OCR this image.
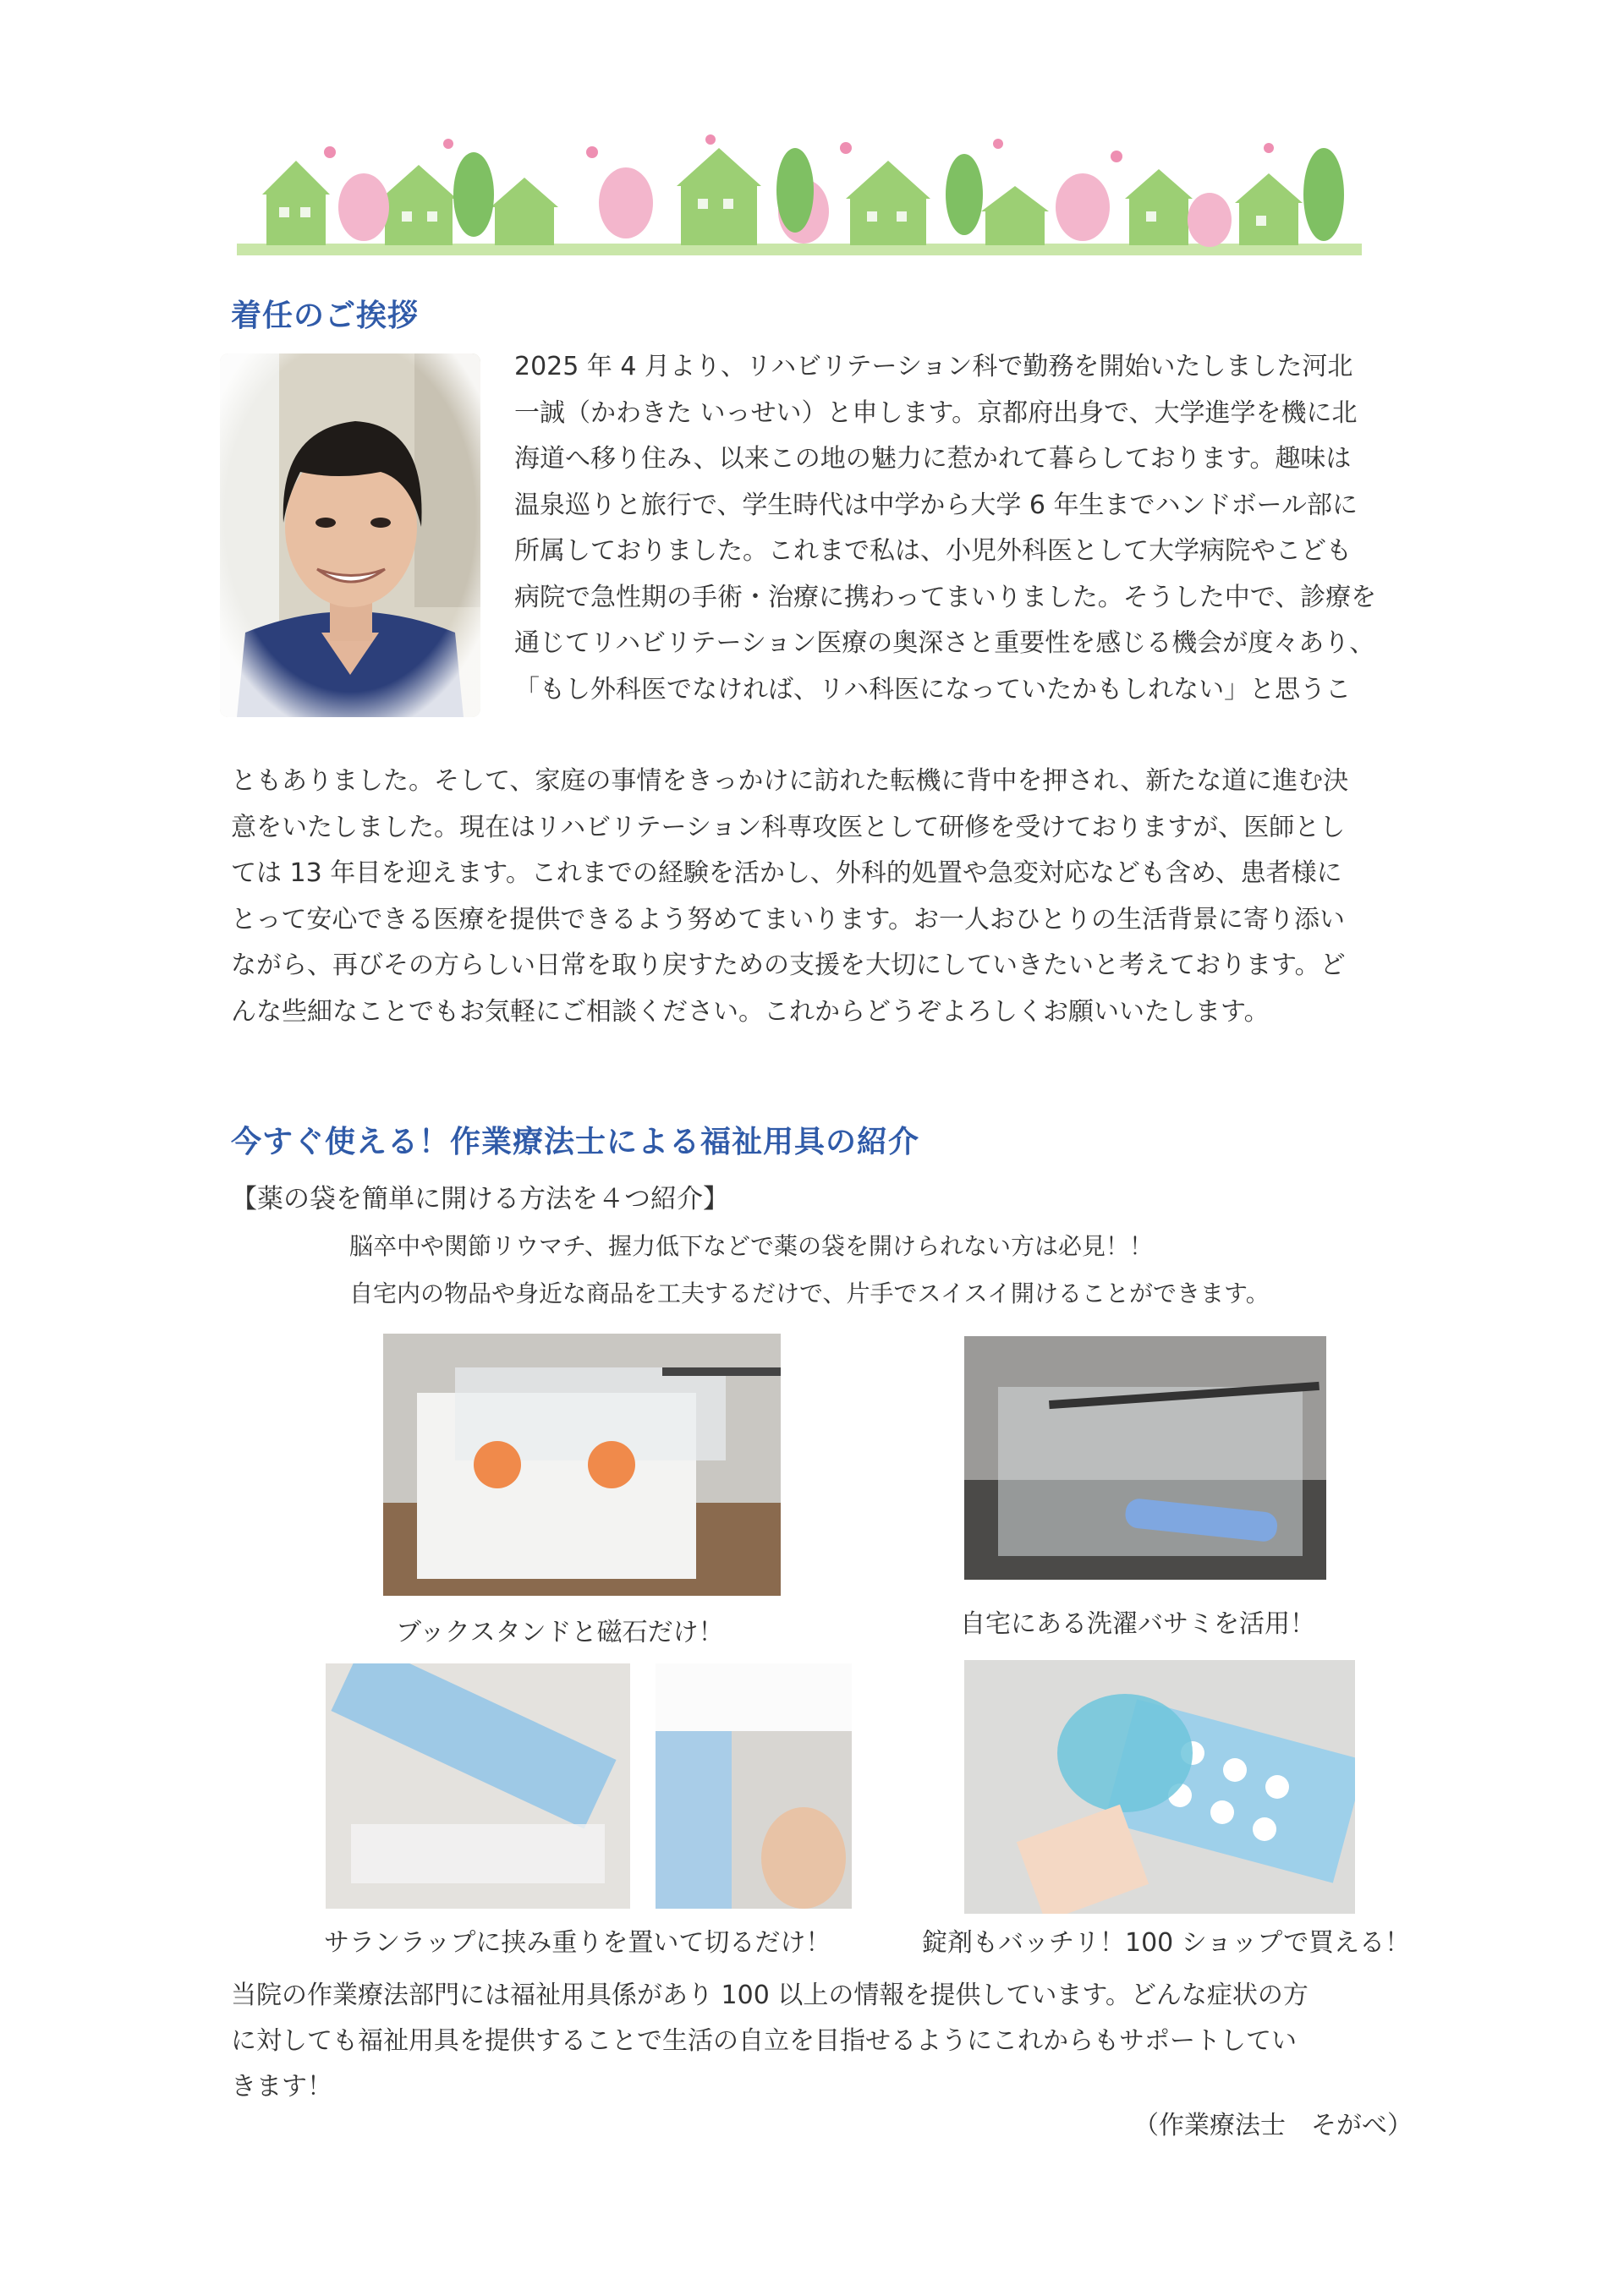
着任のご挨拶
2025 年 4 月より、リハビリテーション科で勤務を開始いたしました河北
一誠（かわきた いっせい）と申します。京都府出身で、大学進学を機に北
海道へ移り住み、以来この地の魅力に惹かれて暮らしております。趣味は
温泉巡りと旅行で、学生時代は中学から大学 6 年生までハンドボール部に
所属しておりました。これまで私は、小児外科医として大学病院やこども
病院で急性期の手術・治療に携わってまいりました。そうした中で、診療を
通じてリハビリテーション医療の奥深さと重要性を感じる機会が度々あり、
「もし外科医でなければ、リハ科医になっていたかもしれない」と思うこ
ともありました。そして、家庭の事情をきっかけに訪れた転機に背中を押され、新たな道に進む決
意をいたしました。現在はリハビリテーション科専攻医として研修を受けておりますが、医師とし
ては 13 年目を迎えます。これまでの経験を活かし、外科的処置や急変対応なども含め、患者様に
とって安心できる医療を提供できるよう努めてまいります。お一人おひとりの生活背景に寄り添い
ながら、再びその方らしい日常を取り戻すための支援を大切にしていきたいと考えております。ど
んな些細なことでもお気軽にご相談ください。これからどうぞよろしくお願いいたします。
今すぐ使える！作業療法士による福祉用具の紹介
【薬の袋を簡単に開ける方法を４つ紹介】
脳卒中や関節リウマチ、握力低下などで薬の袋を開けられない方は必見！！
自宅内の物品や身近な商品を工夫するだけで、片手でスイスイ開けることができます。
ブックスタンドと磁石だけ！	自宅にある洗濯バサミを活用！
サランラップに挟み重りを置いて切るだけ！	錠剤もバッチリ！100 ショップで買える！
当院の作業療法部門には福祉用具係があり 100 以上の情報を提供しています。どんな症状の方
に対しても福祉用具を提供することで生活の自立を目指せるようにこれからもサポートしてい
きます！
（作業療法士　そがべ）
